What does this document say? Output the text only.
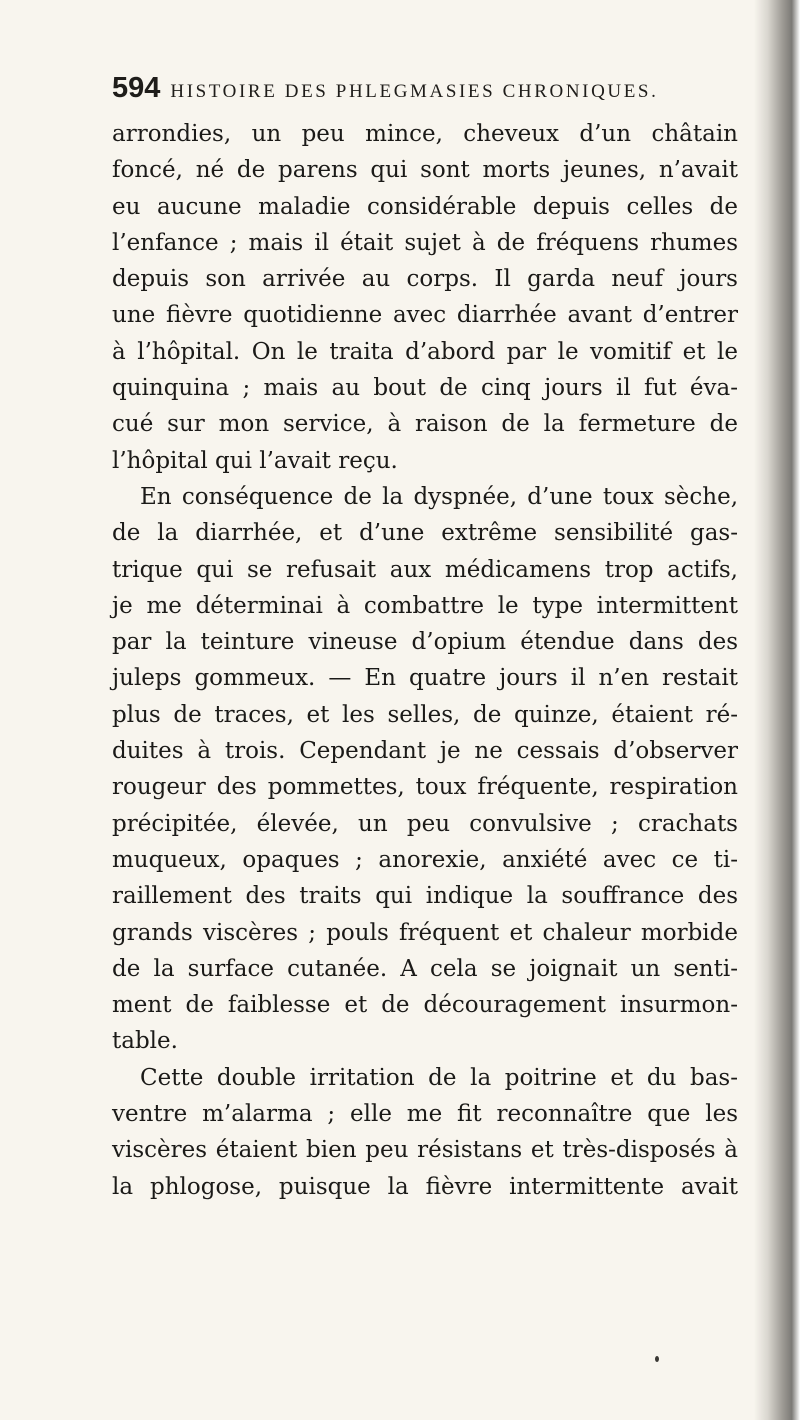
594 HISTOIRE DES PHLEGMASIES CHRONIQUES.
arrondies, un peu mince, cheveux d’un châtain
foncé, né de parens qui sont morts jeunes, n’avait
eu aucune maladie considérable depuis celles de
l’enfance ; mais il était sujet à de fréquens rhumes
depuis son arrivée au corps. Il garda neuf jours
une fièvre quotidienne avec diarrhée avant d’entrer
à l’hôpital. On le traita d’abord par le vomitif et le
quinquina ; mais au bout de cinq jours il fut éva-
cué sur mon service, à raison de la fermeture de
l’hôpital qui l’avait reçu.
En conséquence de la dyspnée, d’une toux sèche,
de la diarrhée, et d’une extrême sensibilité gas-
trique qui se refusait aux médicamens trop actifs,
je me déterminai à combattre le type intermittent
par la teinture vineuse d’opium étendue dans des
juleps gommeux. — En quatre jours il n’en restait
plus de traces, et les selles, de quinze, étaient ré-
duites à trois. Cependant je ne cessais d’observer
rougeur des pommettes, toux fréquente, respiration
précipitée, élevée, un peu convulsive ; crachats
muqueux, opaques ; anorexie, anxiété avec ce ti-
raillement des traits qui indique la souffrance des
grands viscères ; pouls fréquent et chaleur morbide
de la surface cutanée. A cela se joignait un senti-
ment de faiblesse et de découragement insurmon-
table.
Cette double irritation de la poitrine et du bas-
ventre m’alarma ; elle me fit reconnaître que les
viscères étaient bien peu résistans et très-disposés à
la phlogose, puisque la fièvre intermittente avait
